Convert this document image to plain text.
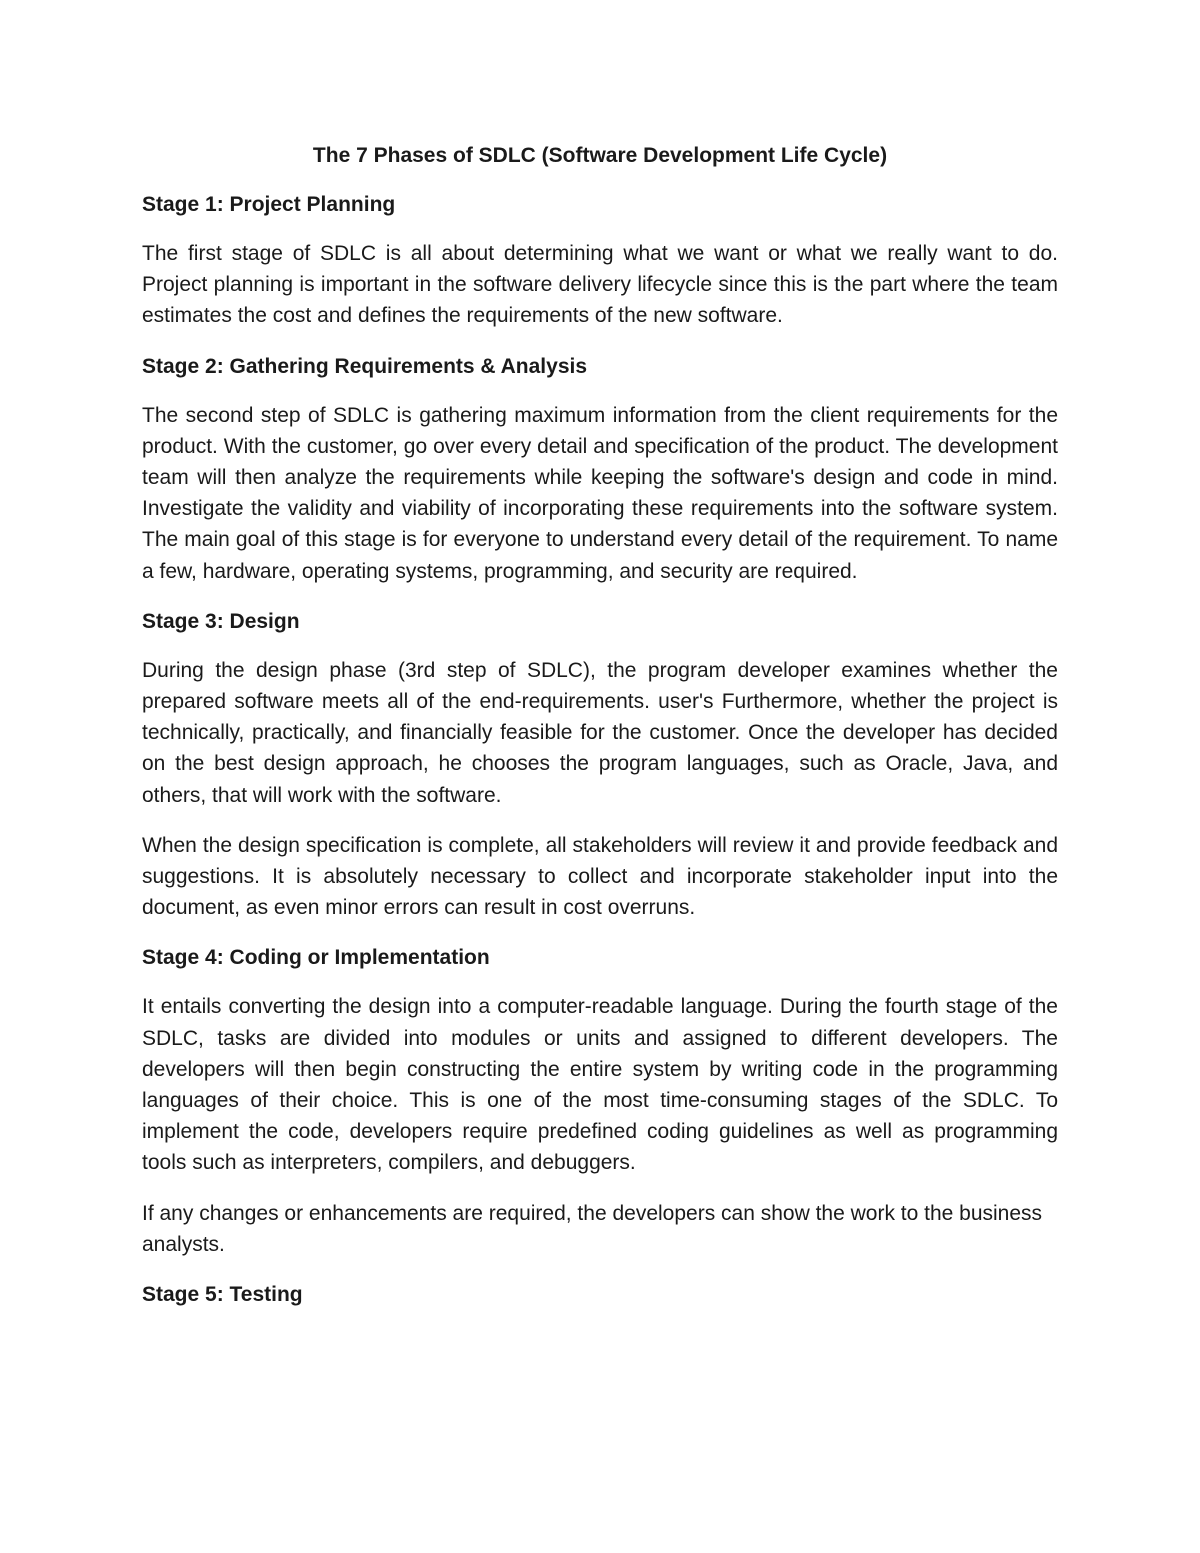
The 7 Phases of SDLC (Software Development Life Cycle)
Stage 1: Project Planning

The first stage of SDLC is all about determining what we want or what we really want to do. Project planning is important in the software delivery lifecycle since this is the part where the team estimates the cost and defines the requirements of the new software.

Stage 2: Gathering Requirements & Analysis

The second step of SDLC is gathering maximum information from the client requirements for the product. With the customer, go over every detail and specification of the product. The development team will then analyze the requirements while keeping the software's design and code in mind. Investigate the validity and viability of incorporating these requirements into the software system. The main goal of this stage is for everyone to understand every detail of the requirement. To name a few, hardware, operating systems, programming, and security are required.

Stage 3: Design

During the design phase (3rd step of SDLC), the program developer examines whether the prepared software meets all of the end-requirements. user's Furthermore, whether the project is technically, practically, and financially feasible for the customer. Once the developer has decided on the best design approach, he chooses the program languages, such as Oracle, Java, and others, that will work with the software.

When the design specification is complete, all stakeholders will review it and provide feedback and suggestions. It is absolutely necessary to collect and incorporate stakeholder input into the document, as even minor errors can result in cost overruns.

Stage 4: Coding or Implementation

It entails converting the design into a computer-readable language. During the fourth stage of the SDLC, tasks are divided into modules or units and assigned to different developers. The developers will then begin constructing the entire system by writing code in the programming languages of their choice. This is one of the most time-consuming stages of the SDLC. To implement the code, developers require predefined coding guidelines as well as programming tools such as interpreters, compilers, and debuggers.

If any changes or enhancements are required, the developers can show the work to the business analysts.

Stage 5: Testing
